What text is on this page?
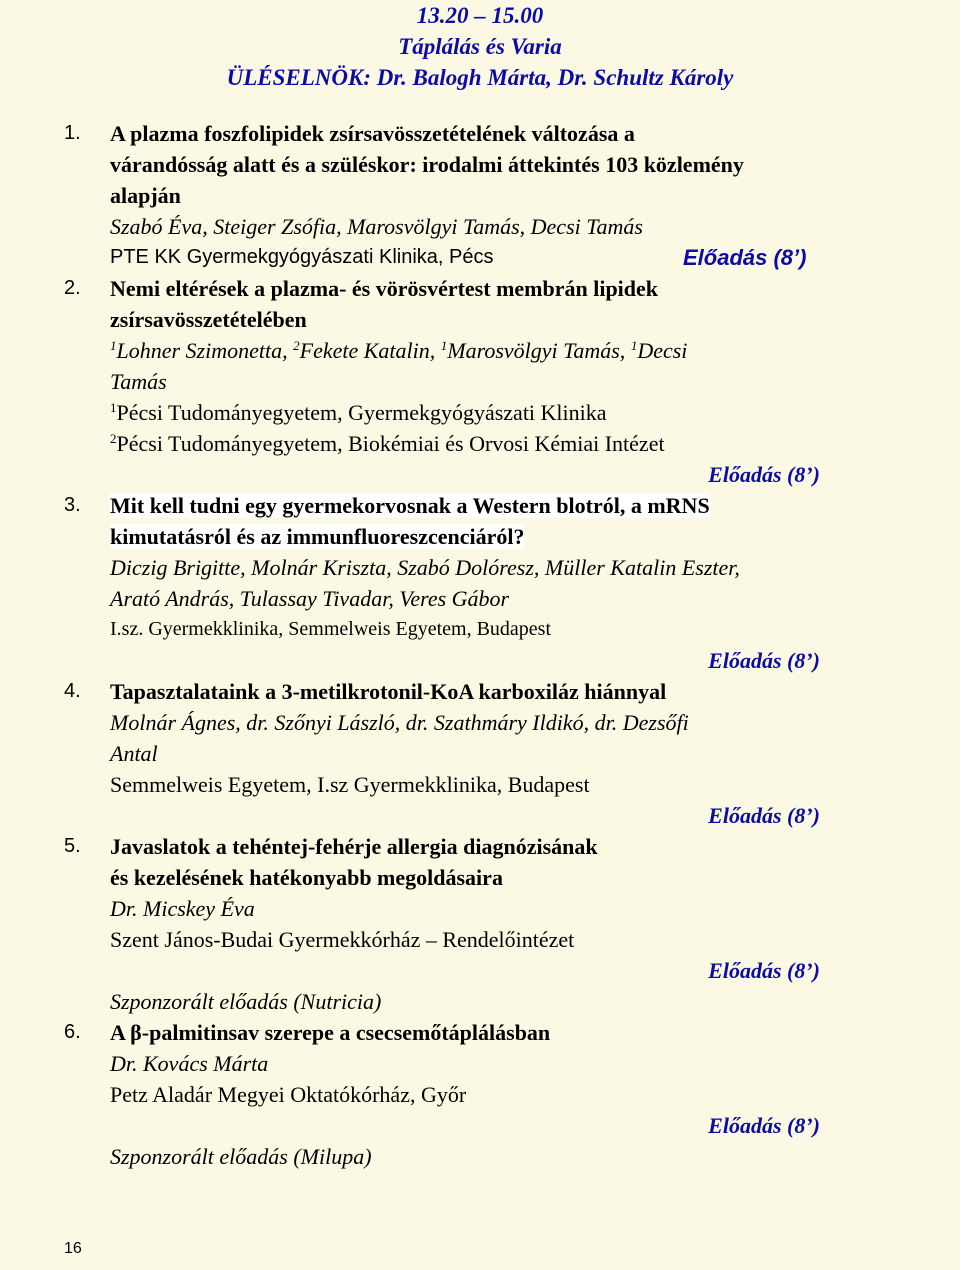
13.20 – 15.00
Táplálás és Varia
ÜLÉSELNÖK: Dr. Balogh Márta, Dr. Schultz Károly
1. A plazma foszfolipidek zsírsavösszetételének változása a
várandósság alatt és a szüléskor: irodalmi áttekintés 103 közlemény
alapján
Szabó Éva, Steiger Zsófia, Marosvölgyi Tamás, Decsi Tamás
PTE KK Gyermekgyógyászati Klinika, Pécs	Előadás (8’)
2. Nemi eltérések a plazma- és vörösvértest membrán lipidek
zsírsavösszetételében
$^1$Lohner Szimonetta, $^2$Fekete Katalin, $^1$Marosvölgyi Tamás, $^1$Decsi
Tamás
$^1$Pécsi Tudományegyetem, Gyermekgyógyászati Klinika
$^2$Pécsi Tudományegyetem, Biokémiai és Orvosi Kémiai Intézet
Előadás (8’)
3. Mit kell tudni egy gyermekorvosnak a Western blotról, a mRNS
kimutatásról és az immunfluoreszcenciáról?
Diczig Brigitte, Molnár Kriszta, Szabó Dolóresz, Müller Katalin Eszter,
Arató András, Tulassay Tivadar, Veres Gábor
I.sz. Gyermekklinika, Semmelweis Egyetem, Budapest
Előadás (8’)
4. Tapasztalataink a 3-metilkrotonil-KoA karboxiláz hiánnyal
Molnár Ágnes, dr. Szőnyi László, dr. Szathmáry Ildikó, dr. Dezsőfi
Antal
Semmelweis Egyetem, I.sz Gyermekklinika, Budapest
Előadás (8’)
5. Javaslatok a tehéntej-fehérje allergia diagnózisának
és kezelésének hatékonyabb megoldásaira
Dr. Micskey Éva
Szent János-Budai Gyermekkórház – Rendelőintézet
Előadás (8’)
Szponzorált előadás (Nutricia)
6. A β-palmitinsav szerepe a csecsemőtáplálásban
Dr. Kovács Márta
Petz Aladár Megyei Oktatókórház, Győr
Előadás (8’)
Szponzorált előadás (Milupa)
16
